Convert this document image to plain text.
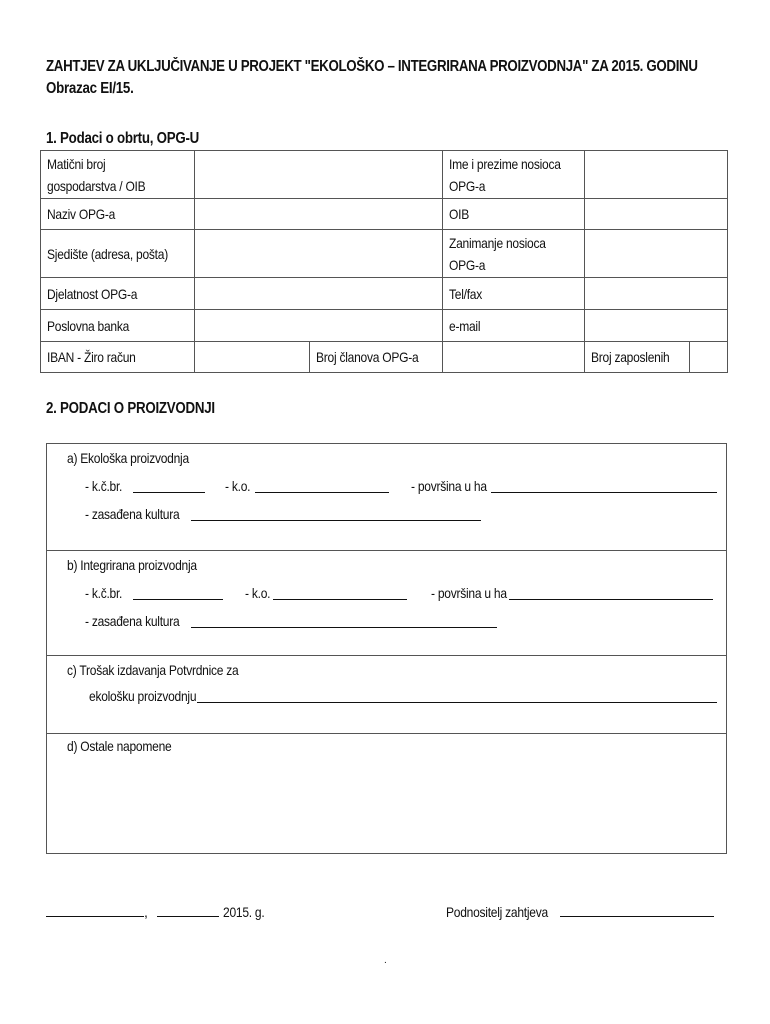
ZAHTJEV ZA UKLJUČIVANJE U PROJEKT "EKOLOŠKO – INTEGRIRANA PROIZVODNJA" ZA 2015. GODINU
Obrazac EI/15.
1. Podaci o obrtu, OPG-U
Matični broj
gospodarstva / OIB			Ime i prezime nosioca
OPG-a		
Naziv OPG-a			OIB		
Sjedište (adresa, pošta)			Zanimanje nosioca
OPG-a		
Djelatnost OPG-a			Tel/fax		
Poslovna banka			e-mail		
IBAN - Žiro račun		Broj članova OPG-a		Broj zaposlenih	
2. PODACI O PROIZVODNJI
a) Ekološka proizvodnja
- k.č.br.	- k.o.	- površina u ha
- zasađena kultura
b) Integrirana proizvodnja
- k.č.br.	- k.o.	- površina u ha
- zasađena kultura
c) Trošak izdavanja Potvrdnice za
ekološku proizvodnju
d) Ostale napomene
,	2015. g.	Podnositelj zahtjeva
.
